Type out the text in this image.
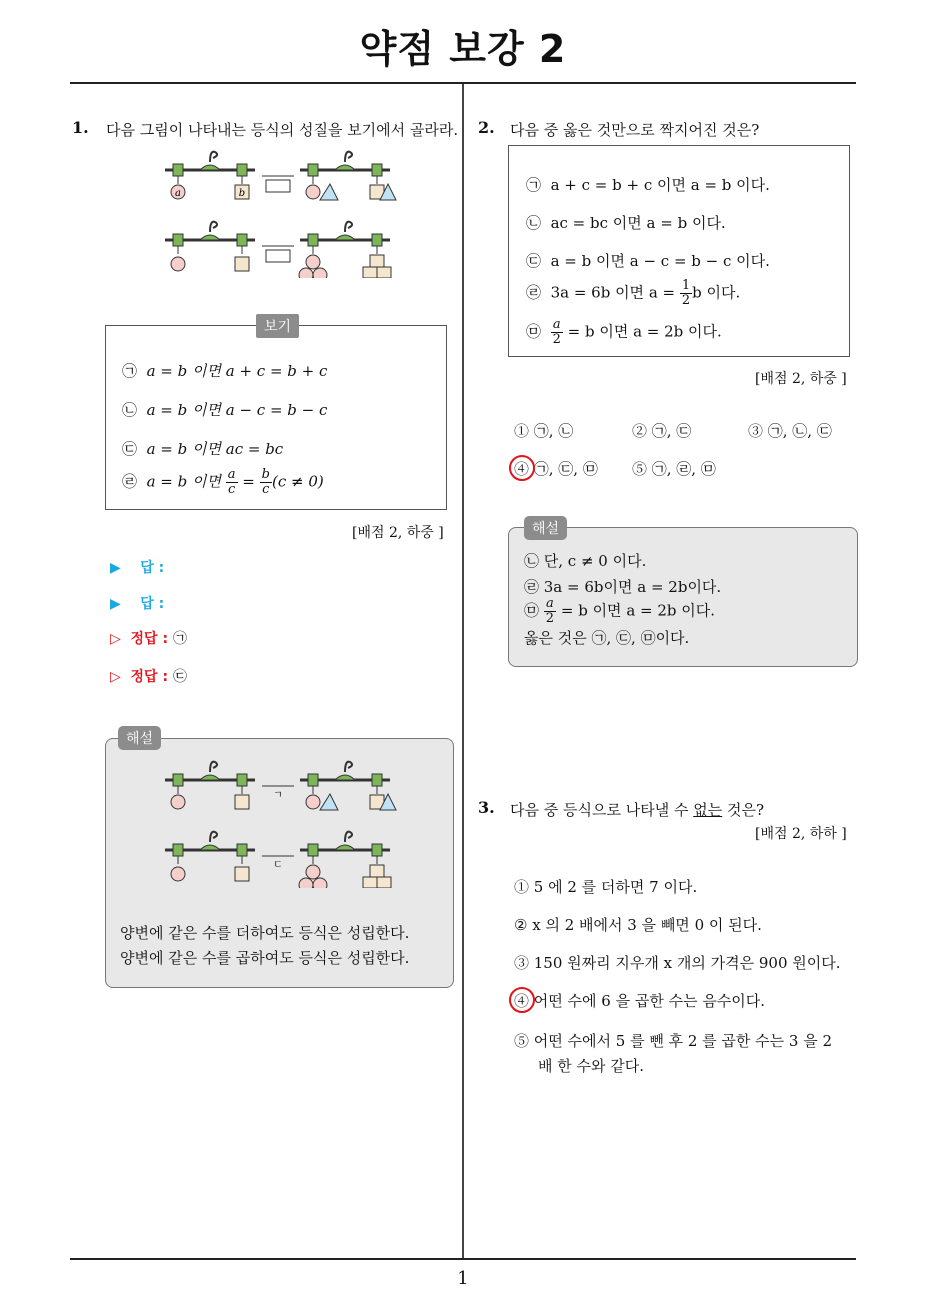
약점 보강 2
1. 다음 그림이 나타내는 등식의 성질을 보기에서 골라라.
a	b
보기
㉠ a = b 이면 a + c = b + c
㉡ a = b 이면 a − c = b − c
㉢ a = b 이면 ac = bc
㉣ a = b 이면 $\frac{a}{c} = \frac{b}{c} (c \ne 0)$
[배점 2, 하중 ]
▶ 답 :
▶ 답 :
▷ 정답 : ㉠
▷ 정답 : ㉢
해설
ㄱ
ㄷ
양변에 같은 수를 더하여도 등식은 성립한다.
양변에 같은 수를 곱하여도 등식은 성립한다.
2. 다음 중 옳은 것만으로 짝지어진 것은?
㉠ a + c = b + c 이면 a = b 이다.
㉡ ac = bc 이면 a = b 이다.
㉢ a = b 이면 a − c = b − c 이다.
㉣ 3a = 6b 이면 $a = \frac{1}{2}$ b 이다.
㉤ $\frac{a}{2} = b$ 이면 a = 2b 이다.
[배점 2, 하중 ]
① ㉠, ㉡	② ㉠, ㉢	③ ㉠, ㉡, ㉢
④ ㉠, ㉢, ㉤ ⑤ ㉠, ㉣, ㉤
해설
㉡ 단, c ≠ 0 이다.
㉣ 3a = 6b이면 a = 2b이다.
㉤ $\frac{a}{2} = b$ 이면 a = 2b 이다.
옳은 것은 ㉠, ㉢, ㉤이다.
3. 다음 중 등식으로 나타낼 수 없는 것은?
[배점 2, 하하 ]
① 5 에 2 를 더하면 7 이다.
② x 의 2 배에서 3 을 빼면 0 이 된다.
③ 150 원짜리 지우개 x 개의 가격은 900 원이다.
④ 어떤 수에 6 을 곱한 수는 음수이다.
⑤ 어떤 수에서 5 를 뺀 후 2 를 곱한 수는 3 을 2
배 한 수와 같다.
1
